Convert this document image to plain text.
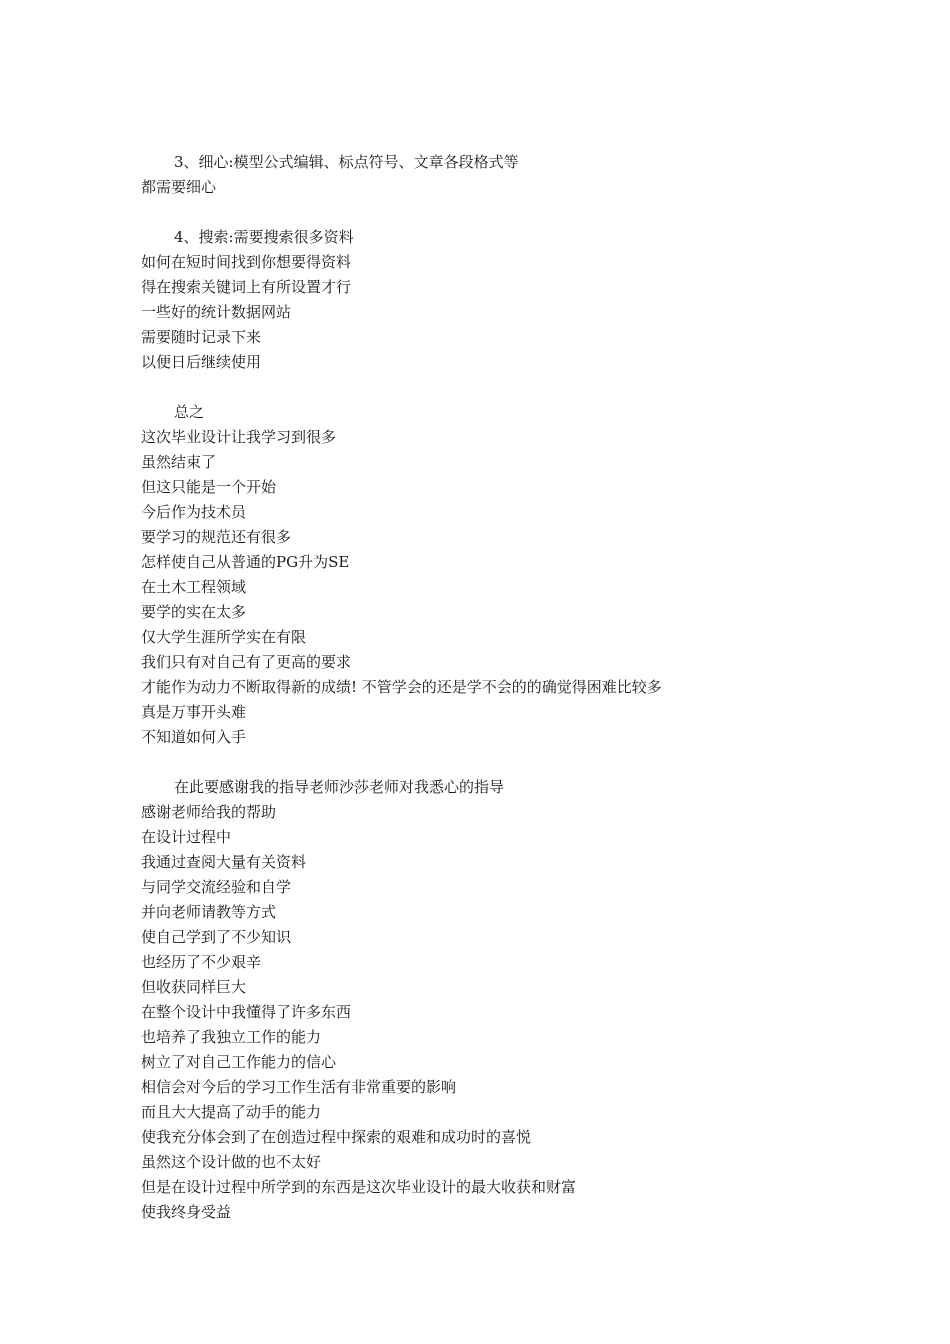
3、细心:模型公式编辑、标点符号、文章各段格式等
都需要细心
4、搜索:需要搜索很多资料
如何在短时间找到你想要得资料
得在搜索关键词上有所设置才行
一些好的统计数据网站
需要随时记录下来
以便日后继续使用
总之
这次毕业设计让我学习到很多
虽然结束了
但这只能是一个开始
今后作为技术员
要学习的规范还有很多
怎样使自己从普通的PG升为SE
在土木工程领域
要学的实在太多
仅大学生涯所学实在有限
我们只有对自己有了更高的要求
才能作为动力不断取得新的成绩! 不管学会的还是学不会的的确觉得困难比较多
真是万事开头难
不知道如何入手
在此要感谢我的指导老师沙莎老师对我悉心的指导
感谢老师给我的帮助
在设计过程中
我通过查阅大量有关资料
与同学交流经验和自学
并向老师请教等方式
使自己学到了不少知识
也经历了不少艰辛
但收获同样巨大
在整个设计中我懂得了许多东西
也培养了我独立工作的能力
树立了对自己工作能力的信心
相信会对今后的学习工作生活有非常重要的影响
而且大大提高了动手的能力
使我充分体会到了在创造过程中探索的艰难和成功时的喜悦
虽然这个设计做的也不太好
但是在设计过程中所学到的东西是这次毕业设计的最大收获和财富
使我终身受益
